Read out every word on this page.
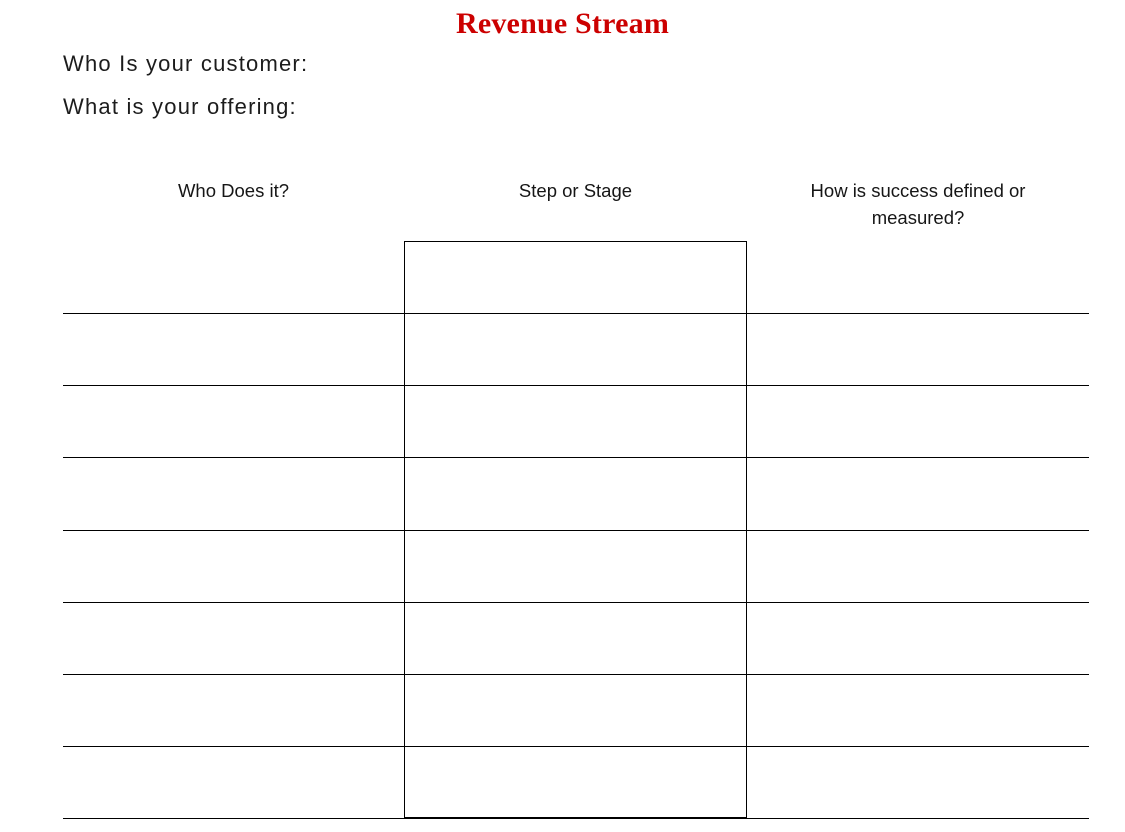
Revenue Stream
Who Is your customer:
What is your offering:
Who Does it?	Step or Stage	How is success defined or measured?
